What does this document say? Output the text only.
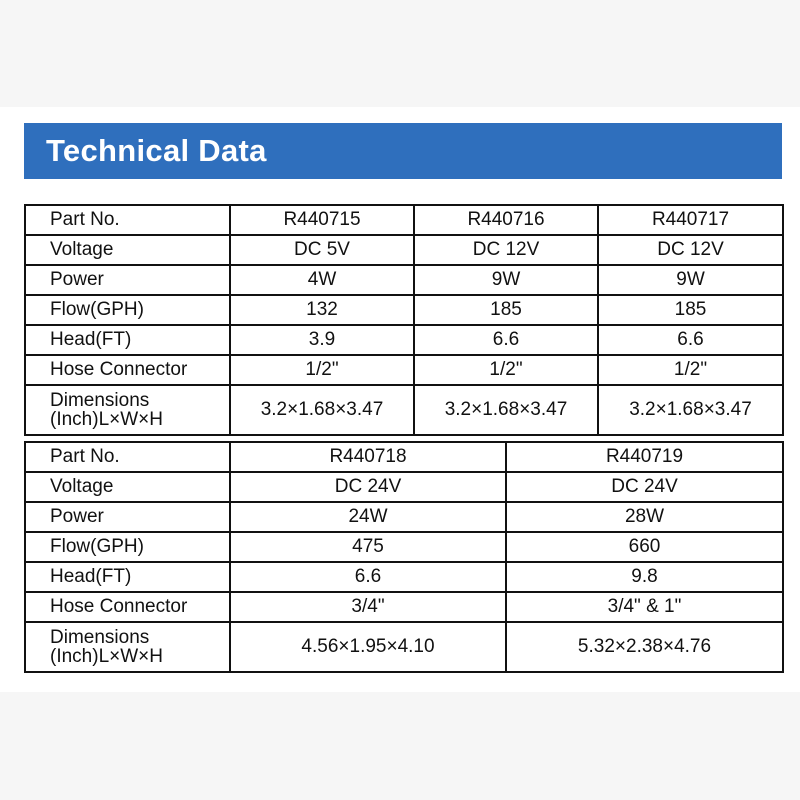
Technical Data
Part No.	R440715	R440716	R440717
Voltage	DC 5V	DC 12V	DC 12V
Power	4W	9W	9W
Flow(GPH)	132	185	185
Head(FT)	3.9	6.6	6.6
Hose Connector	1/2"	1/2"	1/2"

Dimensions
(Inch)L×W×H	3.2×1.68×3.47	3.2×1.68×3.47	3.2×1.68×3.47
Part No.	R440718	R440719
Voltage	DC 24V	DC 24V
Power	24W	28W
Flow(GPH)	475	660
Head(FT)	6.6	9.8
Hose Connector	3/4"	3/4" & 1"

Dimensions
(Inch)L×W×H	4.56×1.95×4.10	5.32×2.38×4.76
